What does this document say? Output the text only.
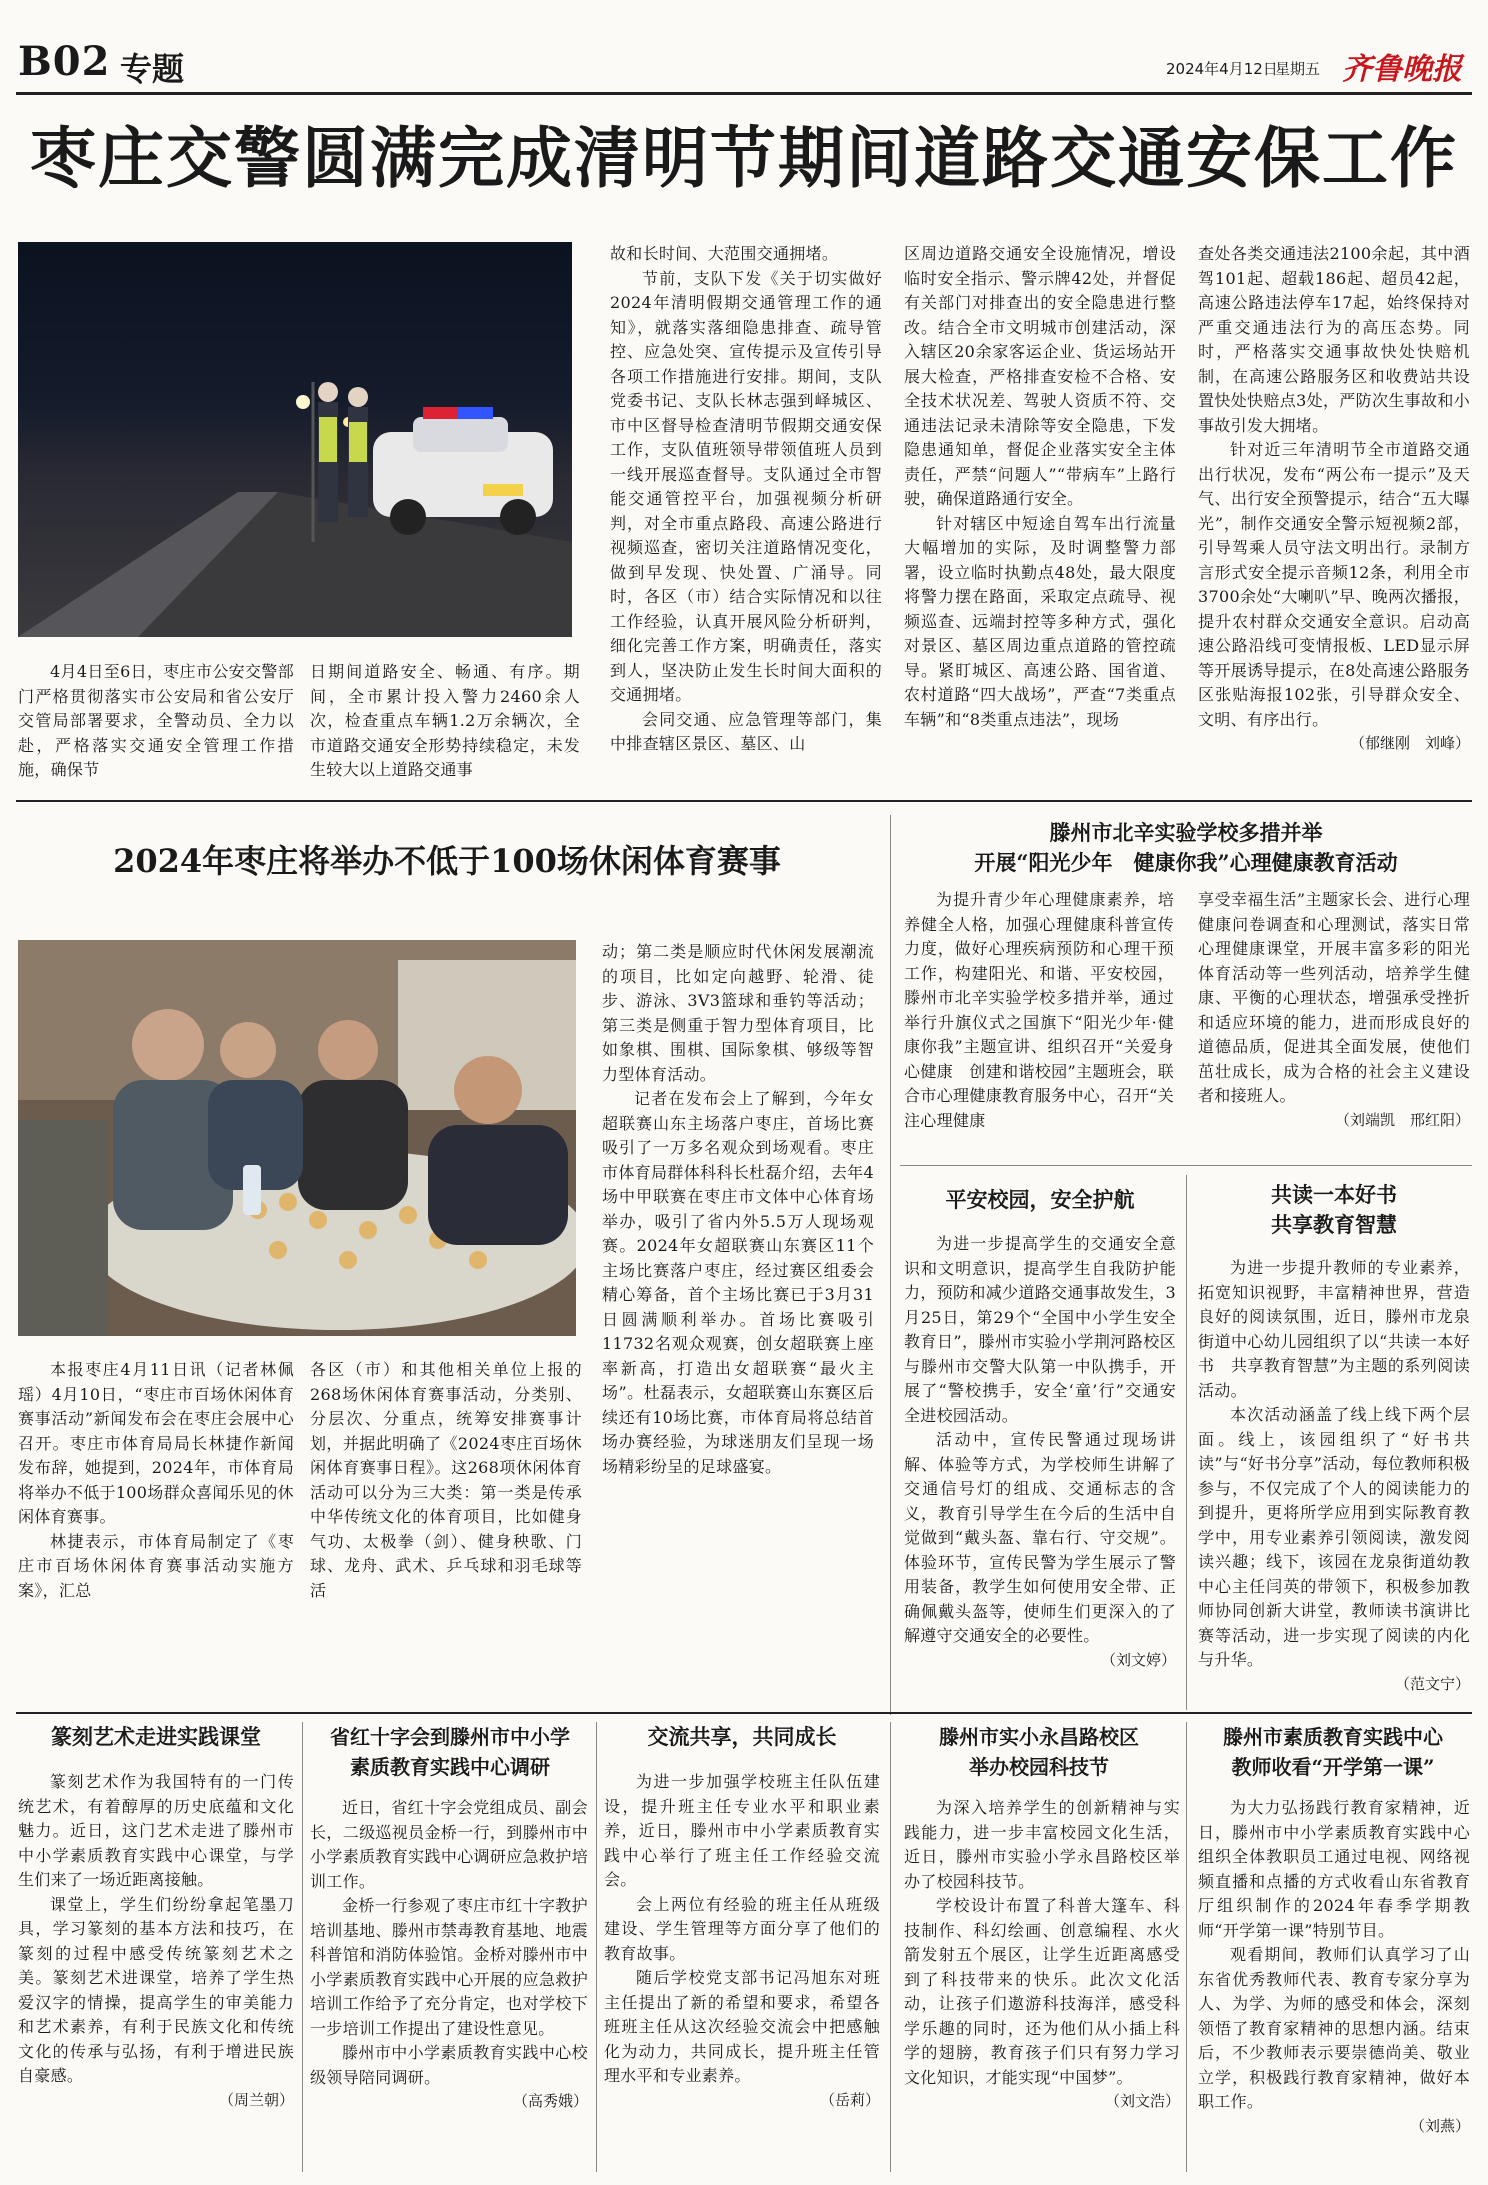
B02 专题	2024年4月12日
星期五 齐鲁晚报
枣庄交警圆满完成清明节期间道路交通安保工作

4月4日至6日，枣庄市公安交警部门严格贯彻落实市公安局和省公安厅交管局部署要求，全警动员、全力以赴，严格落实交通安全管理工作措施，确保节

日期间道路安全、畅通、有序。期间，全市累计投入警力2460余人次，检查重点车辆1.2万余辆次，全市道路交通安全形势持续稳定，未发生较大以上道路交通事

故和长时间、大范围交通拥堵。

节前，支队下发《关于切实做好2024年清明假期交通管理工作的通知》，就落实落细隐患排查、疏导管控、应急处突、宣传提示及宣传引导各项工作措施进行安排。期间，支队党委书记、支队长林志强到峄城区、市中区督导检查清明节假期交通安保工作，支队值班领导带领值班人员到一线开展巡查督导。支队通过全市智能交通管控平台，加强视频分析研判，对全市重点路段、高速公路进行视频巡查，密切关注道路情况变化，做到早发现、快处置、广涌导。同时，各区（市）结合实际情况和以往工作经验，认真开展风险分析研判，细化完善工作方案，明确责任，落实到人，坚决防止发生长时间大面积的交通拥堵。

会同交通、应急管理等部门，集中排查辖区景区、墓区、山

区周边道路交通安全设施情况，增设临时安全指示、警示牌42处，并督促有关部门对排查出的安全隐患进行整改。结合全市文明城市创建活动，深入辖区20余家客运企业、货运场站开展大检查，严格排查安检不合格、安全技术状况差、驾驶人资质不符、交通违法记录未清除等安全隐患，下发隐患通知单，督促企业落实安全主体责任，严禁“问题人”“带病车”上路行驶，确保道路通行安全。

针对辖区中短途自驾车出行流量大幅增加的实际，及时调整警力部署，设立临时执勤点48处，最大限度将警力摆在路面，采取定点疏导、视频巡查、远端封控等多种方式，强化对景区、墓区周边重点道路的管控疏导。紧盯城区、高速公路、国省道、农村道路“四大战场”，严查“7类重点车辆”和“8类重点违法”，现场

查处各类交通违法2100余起，其中酒驾101起、超载186起、超员42起，高速公路违法停车17起，始终保持对严重交通违法行为的高压态势。同时，严格落实交通事故快处快赔机制，在高速公路服务区和收费站共设置快处快赔点3处，严防次生事故和小事故引发大拥堵。

针对近三年清明节全市道路交通出行状况，发布“两公布一提示”及天气、出行安全预警提示，结合“五大曝光”，制作交通安全警示短视频2部，引导驾乘人员守法文明出行。录制方言形式安全提示音频12条，利用全市3700余处“大喇叭”早、晚两次播报，提升农村群众交通安全意识。启动高速公路沿线可变情报板、LED显示屏等开展诱导提示，在8处高速公路服务区张贴海报102张，引导群众安全、文明、有序出行。

（郁继刚　刘峰）

2024年枣庄将举办不低于100场休闲体育赛事

本报枣庄4月11日讯（记者林佩瑶）4月10日，“枣庄市百场休闲体育赛事活动”新闻发布会在枣庄会展中心召开。枣庄市体育局局长林捷作新闻发布辞，她提到，2024年，市体育局将举办不低于100场群众喜闻乐见的休闲体育赛事。

林捷表示，市体育局制定了《枣庄市百场休闲体育赛事活动实施方案》，汇总

各区（市）和其他相关单位上报的268场休闲体育赛事活动，分类别、分层次、分重点，统筹安排赛事计划，并据此明确了《2024枣庄百场休闲体育赛事日程》。这268项休闲体育活动可以分为三大类：第一类是传承中华传统文化的体育项目，比如健身气功、太极拳（剑）、健身秧歌、门球、龙舟、武术、乒乓球和羽毛球等活

动；第二类是顺应时代休闲发展潮流的项目，比如定向越野、轮滑、徒步、游泳、3V3篮球和垂钓等活动；第三类是侧重于智力型体育项目，比如象棋、围棋、国际象棋、够级等智力型体育活动。

记者在发布会上了解到，今年女超联赛山东主场落户枣庄，首场比赛吸引了一万多名观众到场观看。枣庄市体育局群体科科长杜磊介绍，去年4场中甲联赛在枣庄市文体中心体育场举办，吸引了省内外5.5万人现场观赛。2024年女超联赛山东赛区11个主场比赛落户枣庄，经过赛区组委会精心筹备，首个主场比赛已于3月31日圆满顺利举办。首场比赛吸引11732名观众观赛，创女超联赛上座率新高，打造出女超联赛“最火主场”。杜磊表示，女超联赛山东赛区后续还有10场比赛，市体育局将总结首场办赛经验，为球迷朋友们呈现一场场精彩纷呈的足球盛宴。

滕州市北辛实验学校多措并举
开展“阳光少年　健康你我”心理健康教育活动

为提升青少年心理健康素养，培养健全人格，加强心理健康科普宣传力度，做好心理疾病预防和心理干预工作，构建阳光、和谐、平安校园，滕州市北辛实验学校多措并举，通过举行升旗仪式之国旗下“阳光少年·健康你我”主题宣讲、组织召开“关爱身心健康　创建和谐校园”主题班会，联合市心理健康教育服务中心，召开“关注心理健康

享受幸福生活”主题家长会、进行心理健康问卷调查和心理测试，落实日常心理健康课堂，开展丰富多彩的阳光体育活动等一些列活动，培养学生健康、平衡的心理状态，增强承受挫折和适应环境的能力，进而形成良好的道德品质，促进其全面发展，使他们茁壮成长，成为合格的社会主义建设者和接班人。

（刘端凯　邢红阳）

平安校园，安全护航

为进一步提高学生的交通安全意识和文明意识，提高学生自我防护能力，预防和减少道路交通事故发生，3月25日，第29个“全国中小学生安全教育日”，滕州市实验小学荆河路校区与滕州市交警大队第一中队携手，开展了“警校携手，安全‘童’行”交通安全进校园活动。

活动中，宣传民警通过现场讲解、体验等方式，为学校师生讲解了交通信号灯的组成、交通标志的含义，教育引导学生在今后的生活中自觉做到“戴头盔、靠右行、守交规”。体验环节，宣传民警为学生展示了警用装备，教学生如何使用安全带、正确佩戴头盔等，使师生们更深入的了解遵守交通安全的必要性。

（刘文婷）

共读一本好书
共享教育智慧

为进一步提升教师的专业素养，拓宽知识视野，丰富精神世界，营造良好的阅读氛围，近日，滕州市龙泉街道中心幼儿园组织了以“共读一本好书　共享教育智慧”为主题的系列阅读活动。

本次活动涵盖了线上线下两个层面。线上，该园组织了“好书共读”与“好书分享”活动，每位教师积极参与，不仅完成了个人的阅读能力的到提升，更将所学应用到实际教育教学中，用专业素养引领阅读，激发阅读兴趣；线下，该园在龙泉街道幼教中心主任闫英的带领下，积极参加教师协同创新大讲堂，教师读书演讲比赛等活动，进一步实现了阅读的内化与升华。

（范文宁）

篆刻艺术走进实践课堂

篆刻艺术作为我国特有的一门传统艺术，有着醇厚的历史底蕴和文化魅力。近日，这门艺术走进了滕州市中小学素质教育实践中心课堂，与学生们来了一场近距离接触。

课堂上，学生们纷纷拿起笔墨刀具，学习篆刻的基本方法和技巧，在篆刻的过程中感受传统篆刻艺术之美。篆刻艺术进课堂，培养了学生热爱汉字的情操，提高学生的审美能力和艺术素养，有利于民族文化和传统文化的传承与弘扬，有利于增进民族自豪感。

（周兰朝）

省红十字会到滕州市中小学
素质教育实践中心调研

近日，省红十字会党组成员、副会长，二级巡视员金桥一行，到滕州市中小学素质教育实践中心调研应急救护培训工作。

金桥一行参观了枣庄市红十字教护培训基地、滕州市禁毒教育基地、地震科普馆和消防体验馆。金桥对滕州市中小学素质教育实践中心开展的应急救护培训工作给予了充分肯定，也对学校下一步培训工作提出了建设性意见。

滕州市中小学素质教育实践中心校级领导陪同调研。

（高秀娥）

交流共享，共同成长

为进一步加强学校班主任队伍建设，提升班主任专业水平和职业素养，近日，滕州市中小学素质教育实践中心举行了班主任工作经验交流会。

会上两位有经验的班主任从班级建设、学生管理等方面分享了他们的教育故事。

随后学校党支部书记冯旭东对班主任提出了新的希望和要求，希望各班班主任从这次经验交流会中把感触化为动力，共同成长，提升班主任管理水平和专业素养。

（岳莉）

滕州市实小永昌路校区
举办校园科技节

为深入培养学生的创新精神与实践能力，进一步丰富校园文化生活，近日，滕州市实验小学永昌路校区举办了校园科技节。

学校设计布置了科普大篷车、科技制作、科幻绘画、创意编程、水火箭发射五个展区，让学生近距离感受到了科技带来的快乐。此次文化活动，让孩子们遨游科技海洋，感受科学乐趣的同时，还为他们从小插上科学的翅膀，教育孩子们只有努力学习文化知识，才能实现“中国梦”。

（刘文浩）

滕州市素质教育实践中心
教师收看“开学第一课”

为大力弘扬践行教育家精神，近日，滕州市中小学素质教育实践中心组织全体教职员工通过电视、网络视频直播和点播的方式收看山东省教育厅组织制作的2024年春季学期教师“开学第一课”特别节目。

观看期间，教师们认真学习了山东省优秀教师代表、教育专家分享为人、为学、为师的感受和体会，深刻领悟了教育家精神的思想内涵。结束后，不少教师表示要崇德尚美、敬业立学，积极践行教育家精神，做好本职工作。

（刘燕）
